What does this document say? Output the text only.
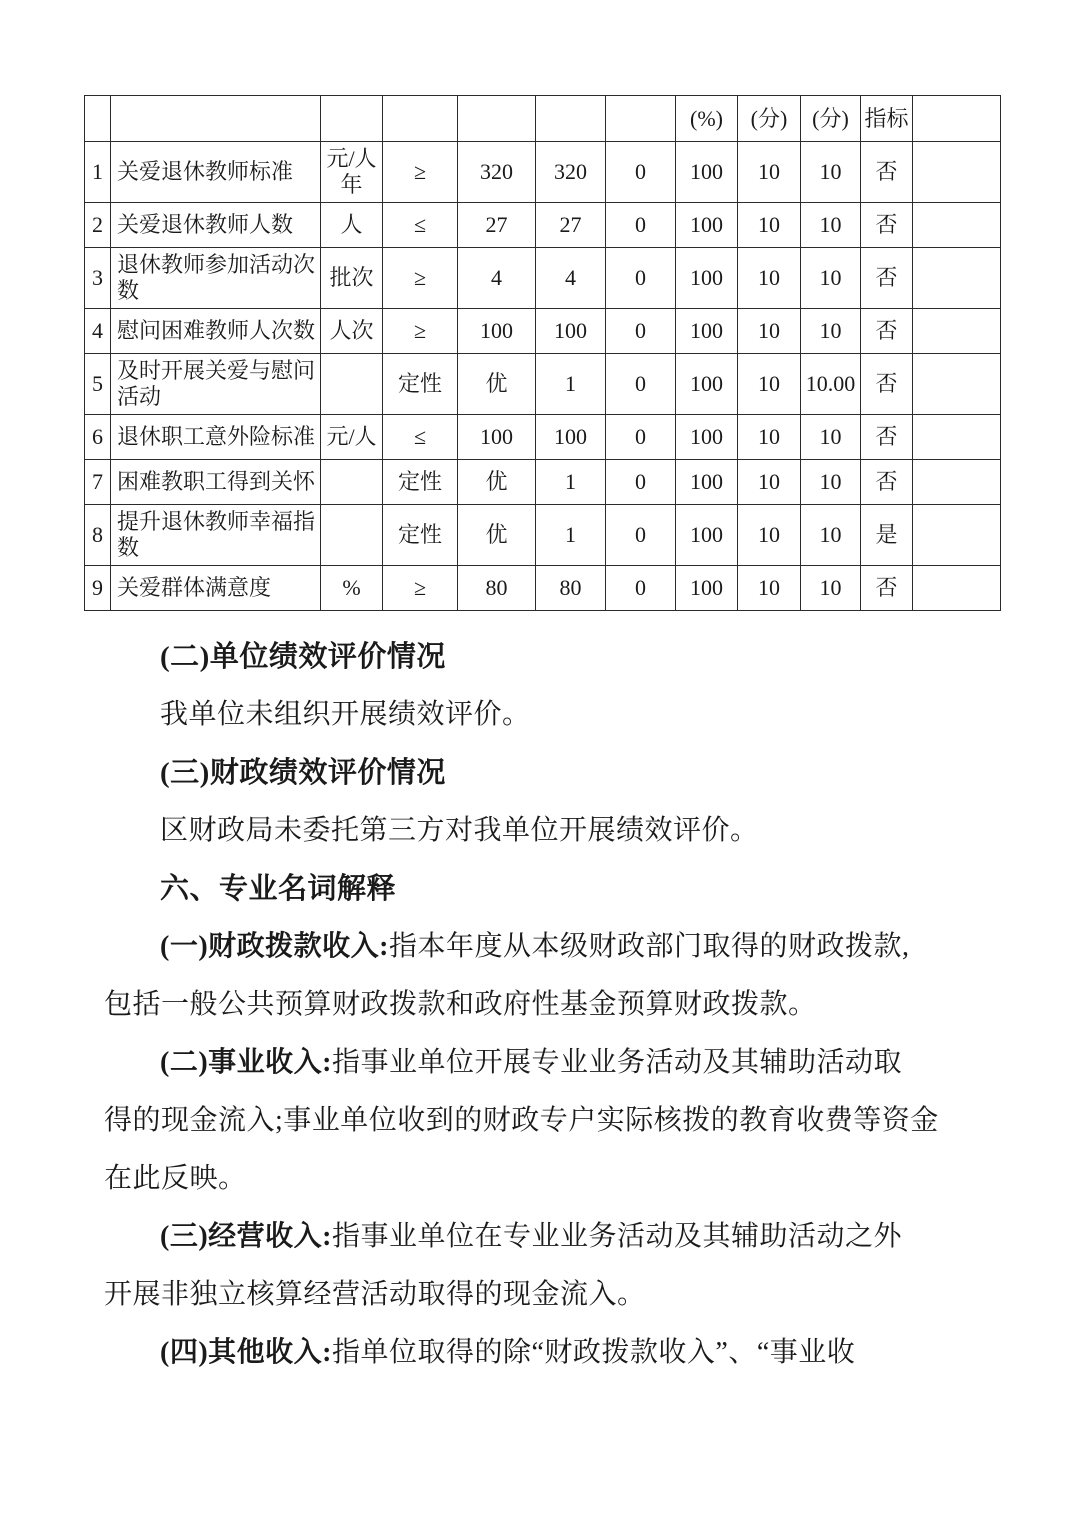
							(%)	(分)	(分)	指标	
1	关爱退休教师标准	元/人年	≥	320	320	0	100	10	10	否	
2	关爱退休教师人数	人	≤	27	27	0	100	10	10	否	
3	退休教师参加活动次数	批次	≥	4	4	0	100	10	10	否	
4	慰问困难教师人次数	人次	≥	100	100	0	100	10	10	否	
5	及时开展关爱与慰问活动		定性	优	1	0	100	10	10.00	否	
6	退休职工意外险标准	元/人	≤	100	100	0	100	10	10	否	
7	困难教职工得到关怀		定性	优	1	0	100	10	10	否	
8	提升退休教师幸福指数		定性	优	1	0	100	10	10	是	
9	关爱群体满意度	%	≥	80	80	0	100	10	10	否	
(二)单位绩效评价情况
我单位未组织开展绩效评价。
(三)财政绩效评价情况
区财政局未委托第三方对我单位开展绩效评价。
六、专业名词解释
(一)财政拨款收入: 指本年度从本级财政部门取得的财政拨款,
包括一般公共预算财政拨款和政府性基金预算财政拨款。
(二)事业收入: 指事业单位开展专业业务活动及其辅助活动取
得的现金流入;事业单位收到的财政专户实际核拨的教育收费等资金
在此反映。
(三)经营收入: 指事业单位在专业业务活动及其辅助活动之外
开展非独立核算经营活动取得的现金流入。
(四)其他收入: 指单位取得的除“财政拨款收入”、“事业收
